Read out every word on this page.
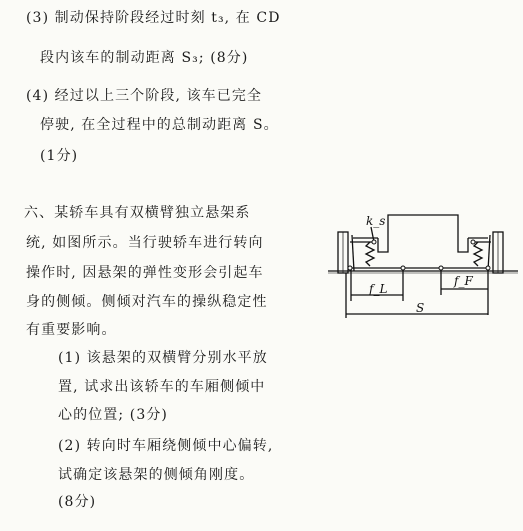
(3) 制动保持阶段经过时刻 t₃, 在 CD
段内该车的制动距离 S₃; (8分)
(4) 经过以上三个阶段, 该车已完全
停驶, 在全过程中的总制动距离 S。
(1分)
六、某轿车具有双横臂独立悬架系
统, 如图所示。当行驶轿车进行转向
操作时, 因悬架的弹性变形会引起车
身的侧倾。侧倾对汽车的操纵稳定性
有重要影响。
(1) 该悬架的双横臂分别水平放
置, 试求出该轿车的车厢侧倾中
心的位置; (3分)
(2) 转向时车厢绕侧倾中心偏转,
试确定该悬架的侧倾角刚度。
(8分)
k_s
f_L
f_F
S
